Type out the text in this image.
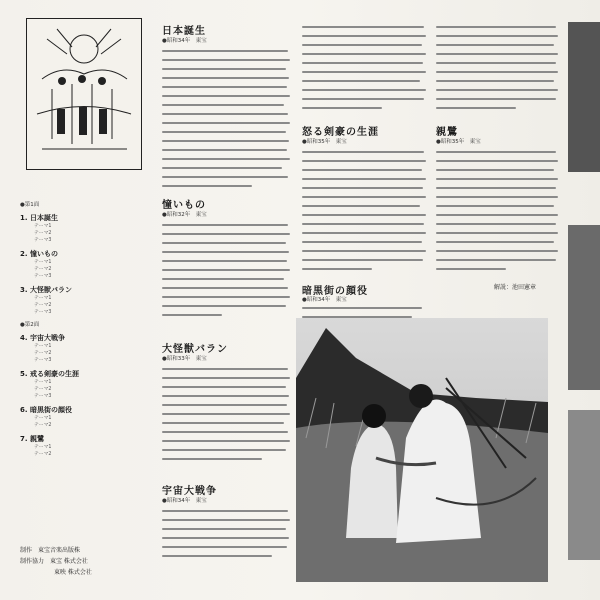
●第1面
1. 日本誕生
テーマ1
テーマ2
テーマ3
2. 憧いもの
テーマ1
テーマ2
テーマ3
3. 大怪獣バラン
テーマ1
テーマ2
テーマ3
●第2面
4. 宇宙大戦争
テーマ1
テーマ2
テーマ3
5. 戒る剣豪の生涯
テーマ1
テーマ2
テーマ3
6. 暗黒街の顔役
テーマ1
テーマ2
7. 親鷺
テーマ1
テーマ2
制作 東宝音楽出版株
制作協力 東宝 株式会社
東映 株式会社
日本誕生
●昭和34年　東宝
怒る剣豪の生涯
●昭和35年　東宝
暗黒街の顔役
●昭和34年　東宝
憧いもの
●昭和32年　東宝
大怪獣バラン
●昭和33年　東宝
宇宙大戦争
●昭和34年　東宝
親鷺
●昭和35年　東宝
解説：池田憲章
